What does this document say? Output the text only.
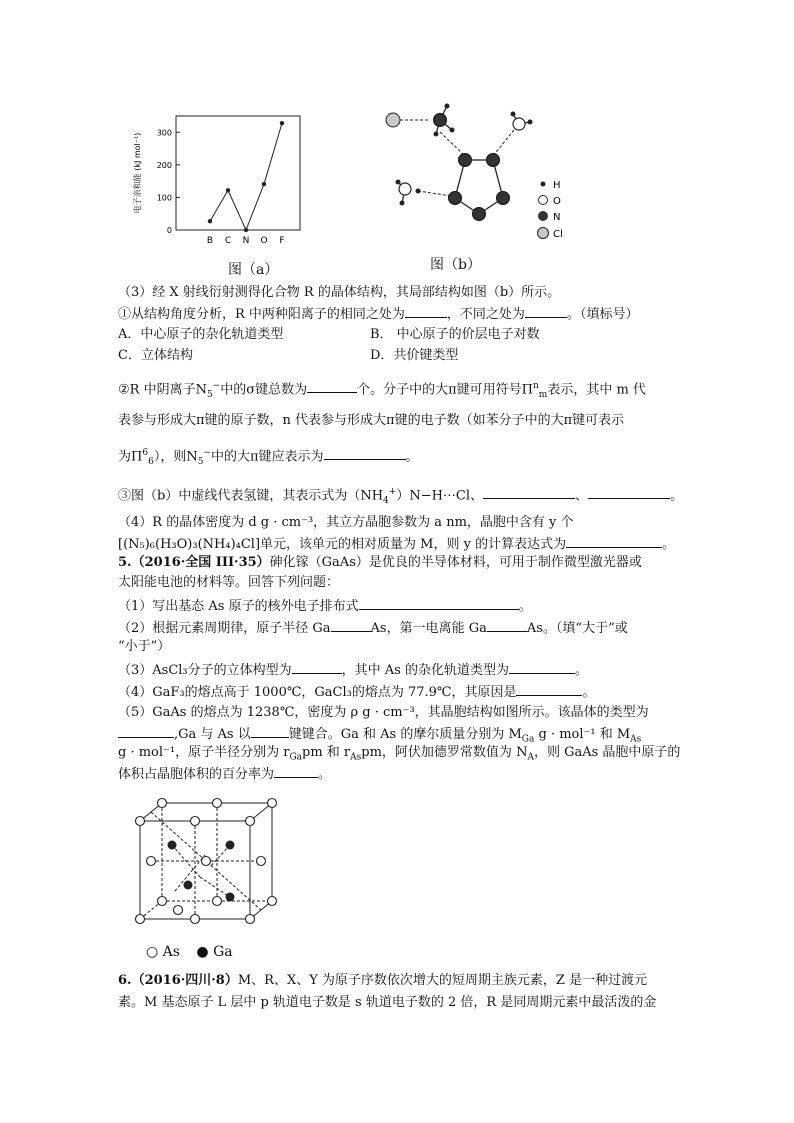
0
100
200
300
电子亲和能 (kJ mol⁻¹)
B C N O F
图（a）
H
O
N
Cl
图（b）
（3）经 X 射线衍射测得化合物 R 的晶体结构，其局部结构如图（b）所示。
①从结构角度分析，R 中两种阳离子的相同之处为	，不同之处为	。（填标号）
A．中心原子的杂化轨道类型	B． 中心原子的价层电子对数
C．立体结构	D．共价键类型
②R 中阴离子$N_5^-$中的σ键总数为	个。分子中的大π键可用符号$\Pi^n_m$表示，其中 m 代
表参与形成大π键的原子数，n 代表参与形成大π键的电子数（如苯分子中的大π键可表示
为$\Pi^6_6$），则$N_5^-$中的大π键应表示为	。
③图（b）中虚线代表氢键，其表示式为$(NH_4^+)N-H\cdots Cl$、	、	。
（4）R 的晶体密度为 d g · cm⁻³，其立方晶胞参数为 a nm，晶胞中含有 y 个
[(N₅)₆(H₃O)₃(NH₄)₄Cl]单元，该单元的相对质量为 M，则 y 的计算表达式为	。
5.（2016·全国 III·35）砷化镓（GaAs）是优良的半导体材料，可用于制作微型激光器或
太阳能电池的材料等。回答下列问题：
（1）写出基态 As 原子的核外电子排布式	。
（2）根据元素周期律，原子半径 Ga	As，第一电离能 Ga	As。（填“大于”或
“小于”）
（3）AsCl₃分子的立体构型为	，其中 As 的杂化轨道类型为	。
（4）GaF₃的熔点高于 1000℃，GaCl₃的熔点为 77.9℃，其原因是	。
（5）GaAs 的熔点为 1238℃，密度为 ρ g · cm⁻³，其晶胞结构如图所示。该晶体的类型为
,Ga 与 As 以	键键合。Ga 和 As 的摩尔质量分别为 $M_{Ga}$ g · mol⁻¹ 和 $M_{As}$
g · mol⁻¹，原子半径分别为 $r_{Ga}pm$ 和 $r_{As}pm$，阿伏加德罗常数值为 $N_A$，则 GaAs 晶胞中原子的
体积占晶胞体积的百分率为	。
○ As ● Ga
6.（2016·四川·8）M、R、X、Y 为原子序数依次增大的短周期主族元素，Z 是一种过渡元
素。M 基态原子 L 层中 p 轨道电子数是 s 轨道电子数的 2 倍，R 是同周期元素中最活泼的金
